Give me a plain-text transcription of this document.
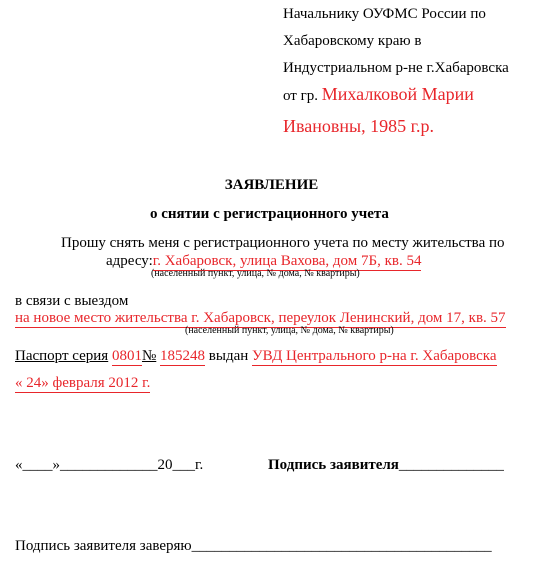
Начальнику ОУФМС России по
Хабаровскому краю в
Индустриальном р-не г.Хабаровска
от гр. Михалковой Марии
Ивановны, 1985 г.р.
ЗАЯВЛЕНИЕ
о снятии с регистрационного учета
Прошу снять меня с регистрационного учета по месту жительства по
адресу:г. Хабаровск, улица Вахова, дом 7Б, кв. 54
(населенный пункт, улица, № дома, № квартиры)
в связи с выездом
на новое место жительства г. Хабаровск, переулок Ленинский, дом 17, кв. 57
(населенный пункт, улица, № дома, № квартиры)
Паспорт серия 0801№ 185248 выдан УВД Центрального р-на г. Хабаровска
« 24» февраля 2012 г.
«____»_____________20___г.	Подпись заявителя______________
Подпись заявителя заверяю________________________________________
